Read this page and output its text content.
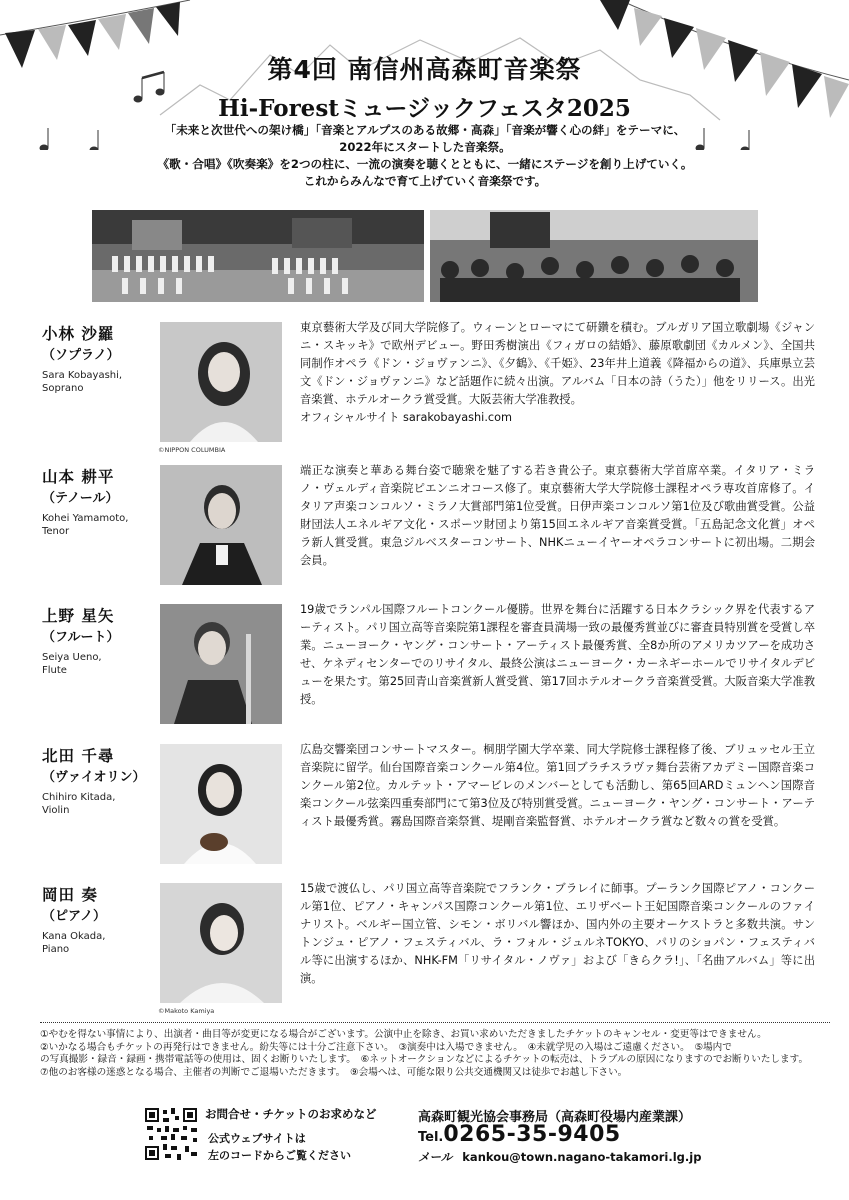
第4回 南信州高森町音楽祭
Hi-Forestミュージックフェスタ2025
「未来と次世代への架け橋」「音楽とアルプスのある故郷・高森」「音楽が響く心の絆」をテーマに、
2022年にスタートした音楽祭。
《歌・合唱》《吹奏楽》を2つの柱に、一流の演奏を聴くとともに、一緒にステージを創り上げていく。
これからみんなで育て上げていく音楽祭です。
小林 沙羅
（ソプラノ）
Sara Kobayashi,
Soprano
©NIPPON COLUMBIA
東京藝術大学及び同大学院修了。ウィーンとローマにて研鑽を積む。ブルガリア国立歌劇場《ジャンニ・スキッキ》で欧州デビュー。野田秀樹演出《フィガロの結婚》、藤原歌劇団《カルメン》、全国共同制作オペラ《ドン・ジョヴァンニ》、《夕鶴》、《千姫》、23年井上道義《降福からの道》、兵庫県立芸文《ドン・ジョヴァンニ》など話題作に続々出演。アルバム「日本の詩（うた）」他をリリース。出光音楽賞、ホテルオークラ賞受賞。大阪芸術大学准教授。
オフィシャルサイト sarakobayashi.com
山本 耕平
（テノール）
Kohei Yamamoto,
Tenor
端正な演奏と華ある舞台姿で聴衆を魅了する若き貴公子。東京藝術大学首席卒業。イタリア・ミラノ・ヴェルディ音楽院ピエンニオコース修了。東京藝術大学大学院修士課程オペラ専攻首席修了。イタリア声楽コンコルソ・ミラノ大賞部門第1位受賞。日伊声楽コンコルソ第1位及び歌曲賞受賞。公益財団法人エネルギア文化・スポーツ財団より第15回エネルギア音楽賞受賞。「五島記念文化賞」オペラ新人賞受賞。東急ジルベスターコンサート、NHKニューイヤーオペラコンサートに初出場。二期会会員。
上野 星矢
（フルート）
Seiya Ueno,
Flute
19歳でランパル国際フルートコンクール優勝。世界を舞台に活躍する日本クラシック界を代表するアーティスト。パリ国立高等音楽院第1課程を審査員満場一致の最優秀賞並びに審査員特別賞を受賞し卒業。ニューヨーク・ヤング・コンサート・アーティスト最優秀賞、全8か所のアメリカツアーを成功させ、ケネディセンターでのリサイタル、最終公演はニューヨーク・カーネギーホールでリサイタルデビューを果たす。第25回青山音楽賞新人賞受賞、第17回ホテルオークラ音楽賞受賞。大阪音楽大学准教授。
北田 千尋
（ヴァイオリン）
Chihiro Kitada,
Violin
広島交響楽団コンサートマスター。桐朋学園大学卒業、同大学院修士課程修了後、ブリュッセル王立音楽院に留学。仙台国際音楽コンクール第4位。第1回ブラチスラヴァ舞台芸術アカデミー国際音楽コンクール第2位。カルテット・アマービレのメンバーとしても活動し、第65回ARDミュンヘン国際音楽コンクール弦楽四重奏部門にて第3位及び特別賞受賞。ニューヨーク・ヤング・コンサート・アーティスト最優秀賞。霧島国際音楽祭賞、堤剛音楽監督賞、ホテルオークラ賞など数々の賞を受賞。
岡田 奏
（ピアノ）
Kana Okada,
Piano
©Makoto Kamiya
15歳で渡仏し、パリ国立高等音楽院でフランク・ブラレイに師事。プーランク国際ピアノ・コンクール第1位、ピアノ・キャンパス国際コンクール第1位、エリザベート王妃国際音楽コンクールのファイナリスト。ベルギー国立管、シモン・ボリバル響ほか、国内外の主要オーケストラと多数共演。サントンジュ・ピアノ・フェスティバル、ラ・フォル・ジュルネTOKYO、パリのショパン・フェスティバル等に出演するほか、NHK-FM「リサイタル・ノヴァ」および「きらクラ!」、「名曲アルバム」等に出演。
①やむを得ない事情により、出演者・曲目等が変更になる場合がございます。公演中止を除き、お買い求めいただきましたチケットのキャンセル・変更等はできません。
②いかなる場合もチケットの再発行はできません。紛失等には十分ご注意下さい。　③演奏中は入場できません。　④未就学児の入場はご遠慮ください。　⑤場内で
の写真撮影・録音・録画・携帯電話等の使用は、固くお断りいたします。　⑥ネットオークションなどによるチケットの転売は、トラブルの原因になりますのでお断りいたします。
⑦他のお客様の迷惑となる場合、主催者の判断でご退場いただきます。　⑨会場へは、可能な限り公共交通機関又は徒歩でお越し下さい。
お問合せ・チケットのお求めなど
公式ウェブサイトは
左のコードからご覧ください
高森町観光協会事務局（高森町役場内産業課）
Tel.0265-35-9405
メール kankou@town.nagano-takamori.lg.jp
